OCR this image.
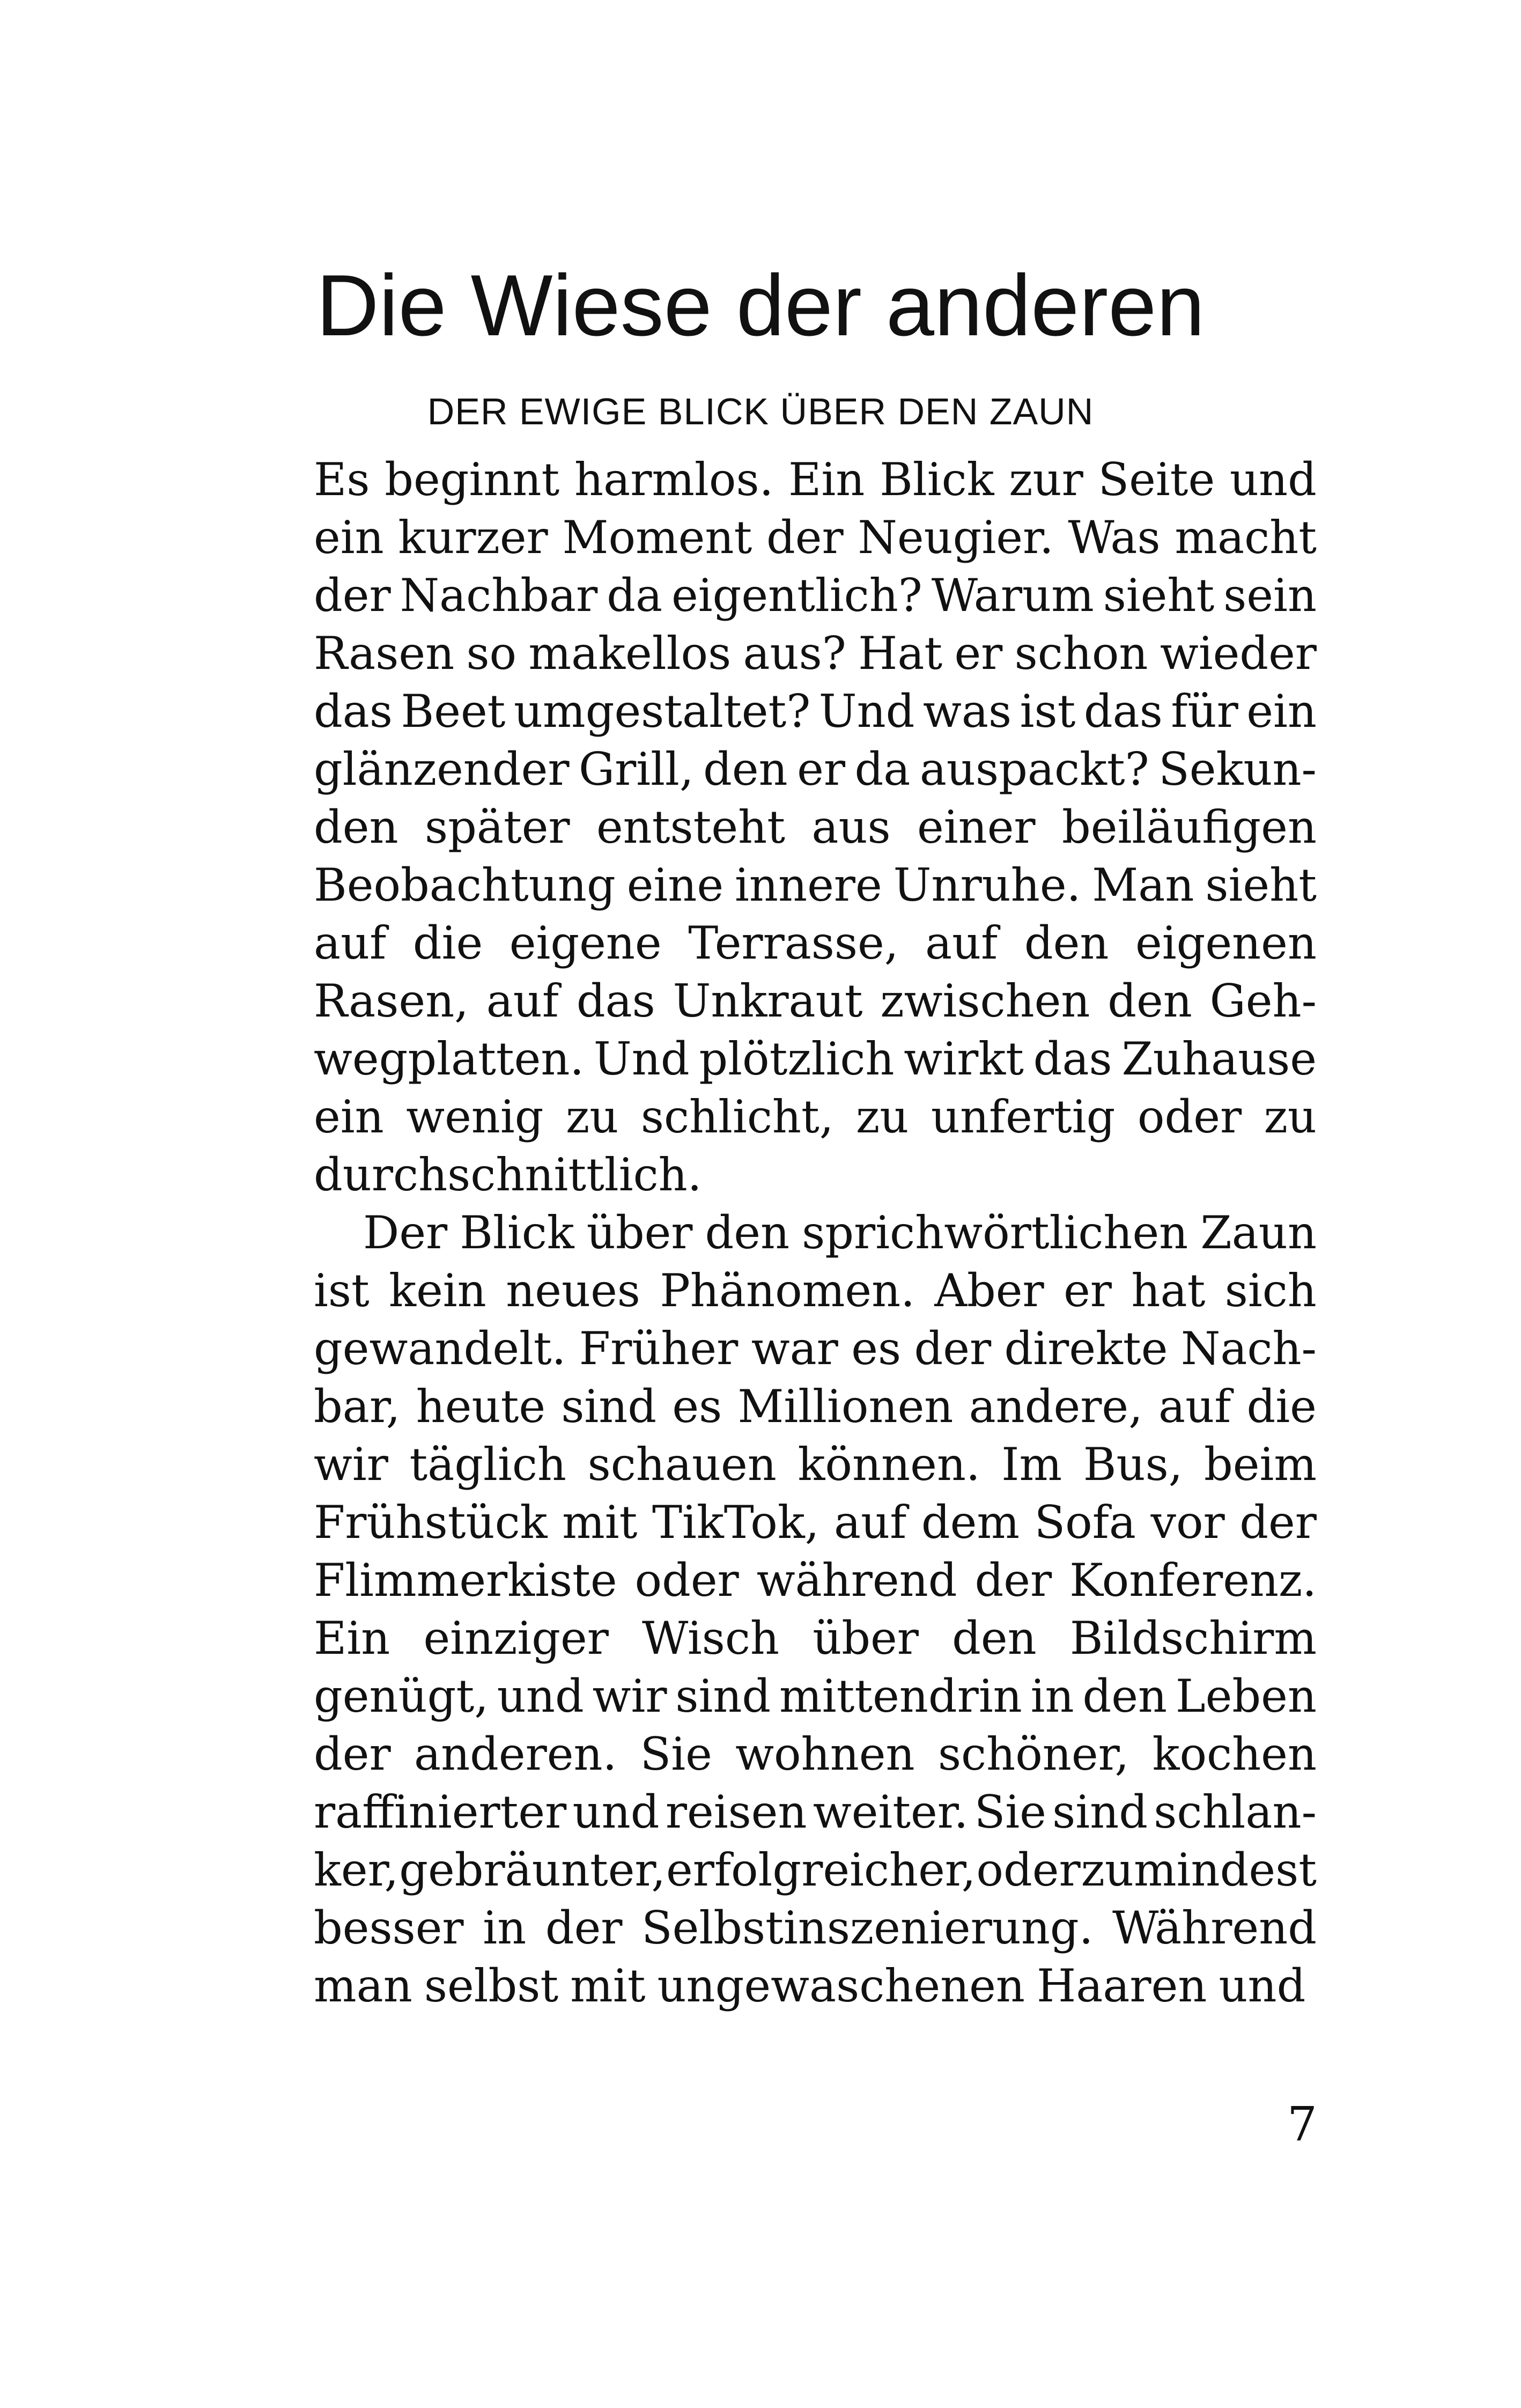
Die Wiese der anderen
DER EWIGE BLICK ÜBER DEN ZAUN
Es beginnt harmlos. Ein Blick zur Seite und
ein kurzer Moment der Neugier. Was macht
der Nachbar da eigentlich? Warum sieht sein
Rasen so makellos aus? Hat er schon wieder
das Beet umgestaltet? Und was ist das für ein
glänzender Grill, den er da auspackt? Sekun-
den später entsteht aus einer beiläufigen
Beobachtung eine innere Unruhe. Man sieht
auf die eigene Terrasse, auf den eigenen
Rasen, auf das Unkraut zwischen den Geh-
wegplatten. Und plötzlich wirkt das Zuhause
ein wenig zu schlicht, zu unfertig oder zu
durchschnittlich.
Der Blick über den sprichwörtlichen Zaun
ist kein neues Phänomen. Aber er hat sich
gewandelt. Früher war es der direkte Nach-
bar, heute sind es Millionen andere, auf die
wir täglich schauen können. Im Bus, beim
Frühstück mit TikTok, auf dem Sofa vor der
Flimmerkiste oder während der Konferenz.
Ein einziger Wisch über den Bildschirm
genügt, und wir sind mittendrin in den Leben
der anderen. Sie wohnen schöner, kochen
raffinierter und reisen weiter. Sie sind schlan-
ker, gebräunter, erfolgreicher, oder zumindest
besser in der Selbstinszenierung. Während
man selbst mit ungewaschenen Haaren und
7
